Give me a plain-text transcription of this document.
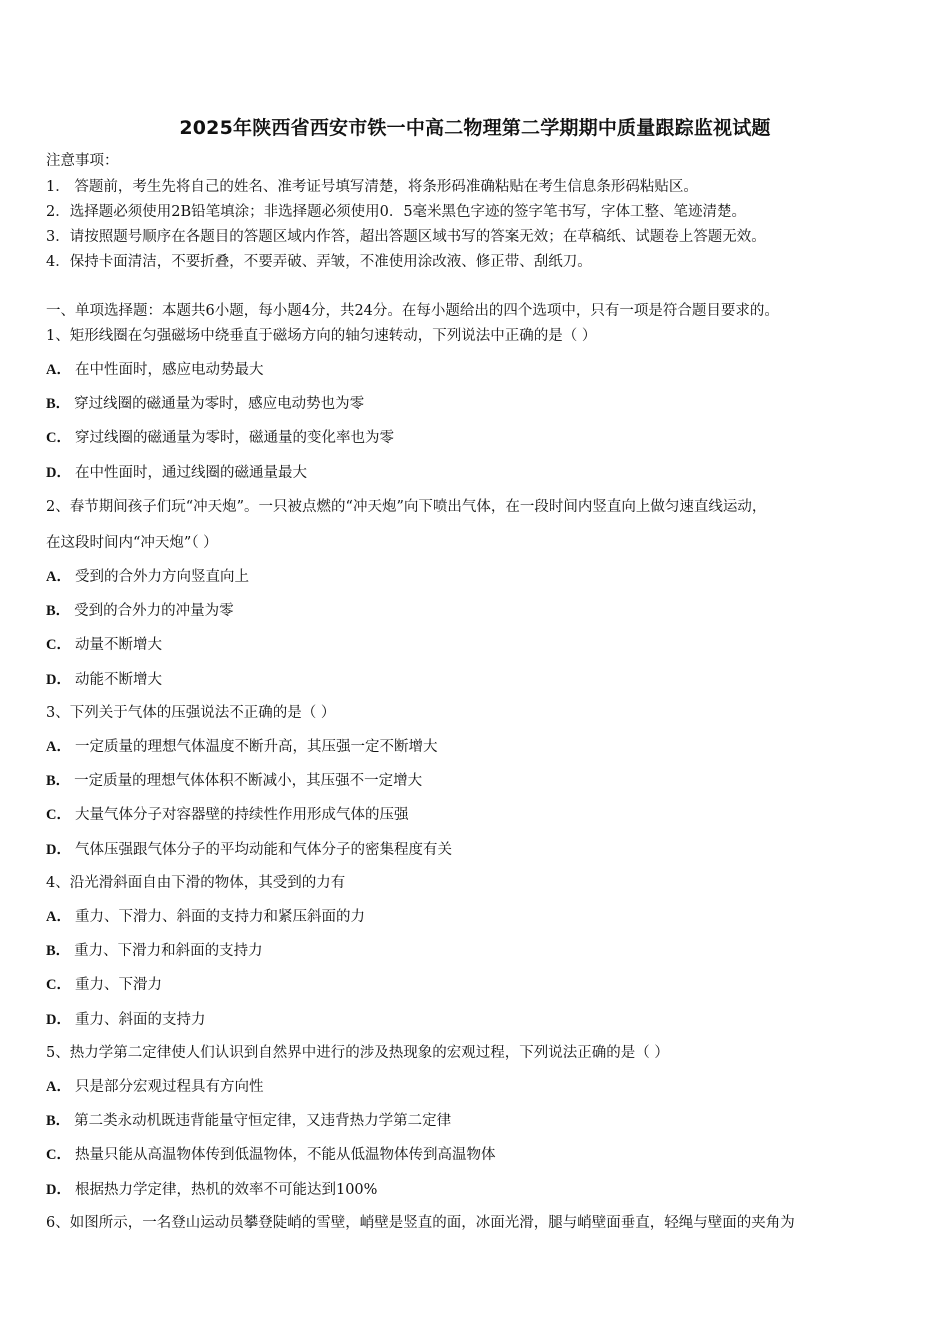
2025年陕西省西安市铁一中高二物理第二学期期中质量跟踪监视试题
注意事项：
1． 答题前，考生先将自己的姓名、准考证号填写清楚，将条形码准确粘贴在考生信息条形码粘贴区。
2．选择题必须使用2B铅笔填涂；非选择题必须使用0．5毫米黑色字迹的签字笔书写，字体工整、笔迹清楚。
3．请按照题号顺序在各题目的答题区域内作答，超出答题区域书写的答案无效；在草稿纸、试题卷上答题无效。
4．保持卡面清洁，不要折叠，不要弄破、弄皱，不准使用涂改液、修正带、刮纸刀。
一、单项选择题：本题共6小题，每小题4分，共24分。在每小题给出的四个选项中，只有一项是符合题目要求的。
1、矩形线圈在匀强磁场中绕垂直于磁场方向的轴匀速转动，下列说法中正确的是（ ）
A． 在中性面时，感应电动势最大
B． 穿过线圈的磁通量为零时，感应电动势也为零
C． 穿过线圈的磁通量为零时，磁通量的变化率也为零
D． 在中性面时，通过线圈的磁通量最大
2、春节期间孩子们玩“冲天炮”。一只被点燃的“冲天炮”向下喷出气体，在一段时间内竖直向上做匀速直线运动，
在这段时间内“冲天炮”（ ）
A． 受到的合外力方向竖直向上
B． 受到的合外力的冲量为零
C． 动量不断增大
D． 动能不断增大
3、下列关于气体的压强说法不正确的是（ ）
A． 一定质量的理想气体温度不断升高，其压强一定不断增大
B． 一定质量的理想气体体积不断减小，其压强不一定增大
C． 大量气体分子对容器壁的持续性作用形成气体的压强
D． 气体压强跟气体分子的平均动能和气体分子的密集程度有关
4、沿光滑斜面自由下滑的物体，其受到的力有
A． 重力、下滑力、斜面的支持力和紧压斜面的力
B． 重力、下滑力和斜面的支持力
C． 重力、下滑力
D． 重力、斜面的支持力
5、热力学第二定律使人们认识到自然界中进行的涉及热现象的宏观过程，下列说法正确的是（ ）
A． 只是部分宏观过程具有方向性
B． 第二类永动机既违背能量守恒定律，又违背热力学第二定律
C． 热量只能从高温物体传到低温物体，不能从低温物体传到高温物体
D． 根据热力学定律，热机的效率不可能达到100%
6、如图所示，一名登山运动员攀登陡峭的雪壁，峭壁是竖直的面，冰面光滑，腿与峭壁面垂直，轻绳与壁面的夹角为
